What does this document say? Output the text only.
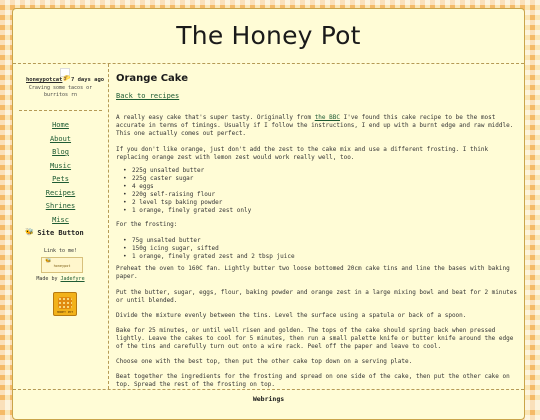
The Honey Pot
honeypotcat 🌮 7 days ago
Craving some tacos or burritos rn
Home
About
Blog
Music
Pets
Recipes
Shrines
Misc
🐝 Site Button
Link to me!
🐝
honeypot
Made by Jadefyre
HONEY POT
Orange Cake
Back to recipes

A really easy cake that's super tasty. Originally from the BBC I've found this cake recipe to be the most accurate in terms of timings. Usually if I follow the instructions, I end up with a burnt edge and raw middle. This one actually comes out perfect.

If you don't like orange, just don't add the zest to the cake mix and use a different frosting. I think replacing orange zest with lemon zest would work really well, too.

• 225g unsalted butter
• 225g caster sugar
• 4 eggs
• 220g self-raising flour
• 2 level tsp baking powder
• 1 orange, finely grated zest only

For the frosting:

• 75g unsalted butter
• 150g icing sugar, sifted
• 1 orange, finely grated zest and 2 tbsp juice

Preheat the oven to 160C fan. Lightly butter two loose bottomed 20cm cake tins and line the bases with baking paper.

Put the butter, sugar, eggs, flour, baking powder and orange zest in a large mixing bowl and beat for 2 minutes or until blended.

Divide the mixture evenly between the tins. Level the surface using a spatula or back of a spoon.

Bake for 25 minutes, or until well risen and golden. The tops of the cake should spring back when pressed lightly. Leave the cakes to cool for 5 minutes, then run a small palette knife or butter knife around the edge of the tins and carefully turn out onto a wire rack. Peel off the paper and leave to cool.

Choose one with the best top, then put the other cake top down on a serving plate.

Beat together the ingredients for the frosting and spread on one side of the cake, then put the other cake on top. Spread the rest of the frosting on top.

Webrings
